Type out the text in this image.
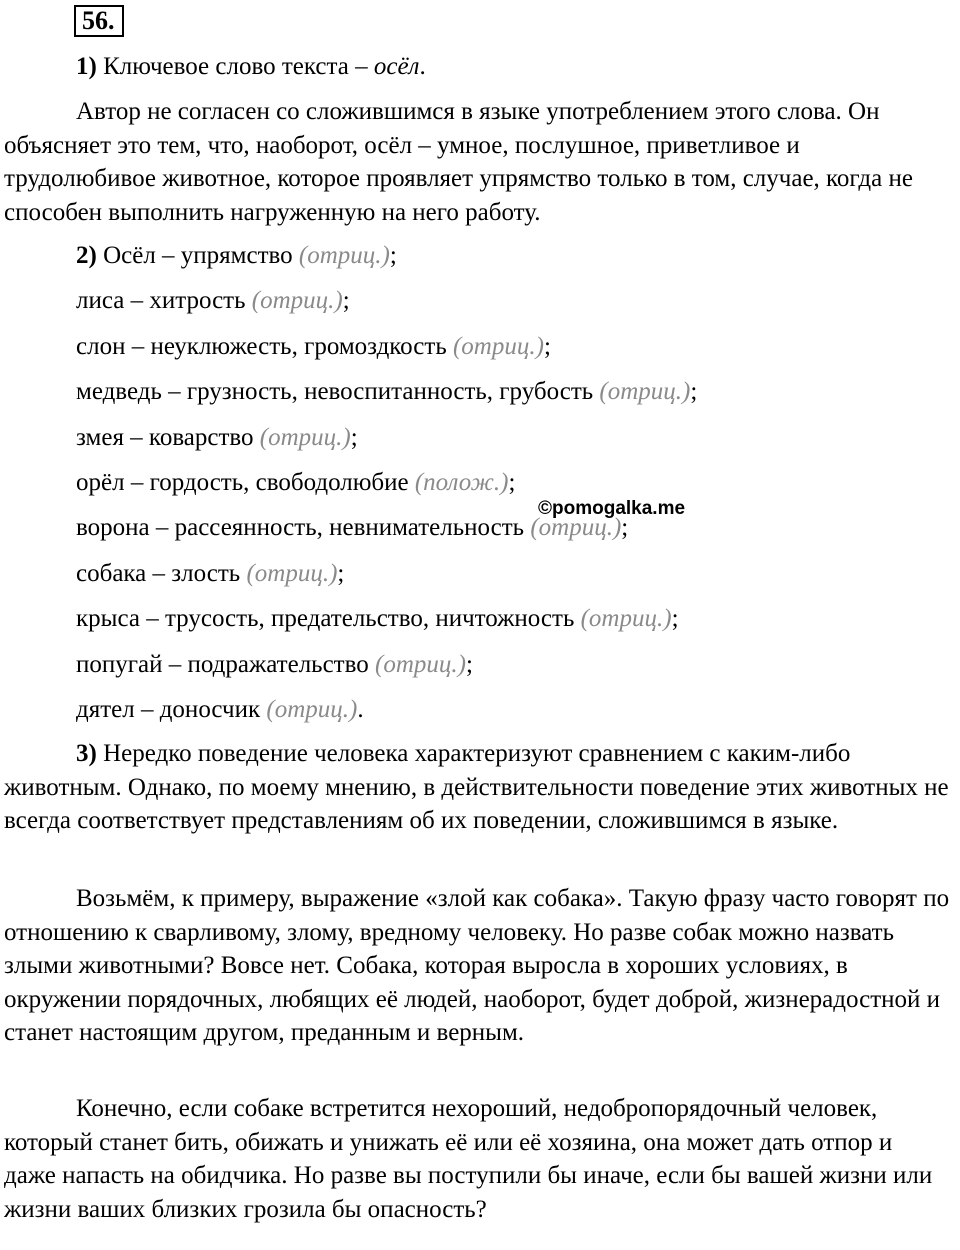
56.
1) Ключевое слово текста – осёл.

Автор не согласен со сложившимся в языке употреблением этого слова. Он объясняет это тем, что, наоборот, осёл – умное, послушное, приветливое и трудолюбивое животное, которое проявляет упрямство только в том, случае, когда не способен выполнить нагруженную на него работу.

2) Осёл – упрямство (отриц.);
лиса – хитрость (отриц.);
слон – неуклюжесть, громоздкость (отриц.);
медведь – грузность, невоспитанность, грубость (отриц.);
змея – коварство (отриц.);
орёл – гордость, свободолюбие (полож.);
ворона – рассеянность, невнимательность (отриц.);
собака – злость (отриц.);
крыса – трусость, предательство, ничтожность (отриц.);
попугай – подражательство (отриц.);
дятел – доносчик (отриц.).
©pomogalka.me

3) Нередко поведение человека характеризуют сравнением с каким-либо животным. Однако, по моему мнению, в действительности поведение этих животных не всегда соответствует представлениям об их поведении, сложившимся в языке.

Возьмём, к примеру, выражение «злой как собака». Такую фразу часто говорят по отношению к сварливому, злому, вредному человеку. Но разве собак можно назвать злыми животными? Вовсе нет. Собака, которая выросла в хороших условиях, в окружении порядочных, любящих её людей, наоборот, будет доброй, жизнерадостной и станет настоящим другом, преданным и верным.

Конечно, если собаке встретится нехороший, недобропорядочный человек, который станет бить, обижать и унижать её или её хозяина, она может дать отпор и даже напасть на обидчика. Но разве вы поступили бы иначе, если бы вашей жизни или жизни ваших близких грозила бы опасность?
